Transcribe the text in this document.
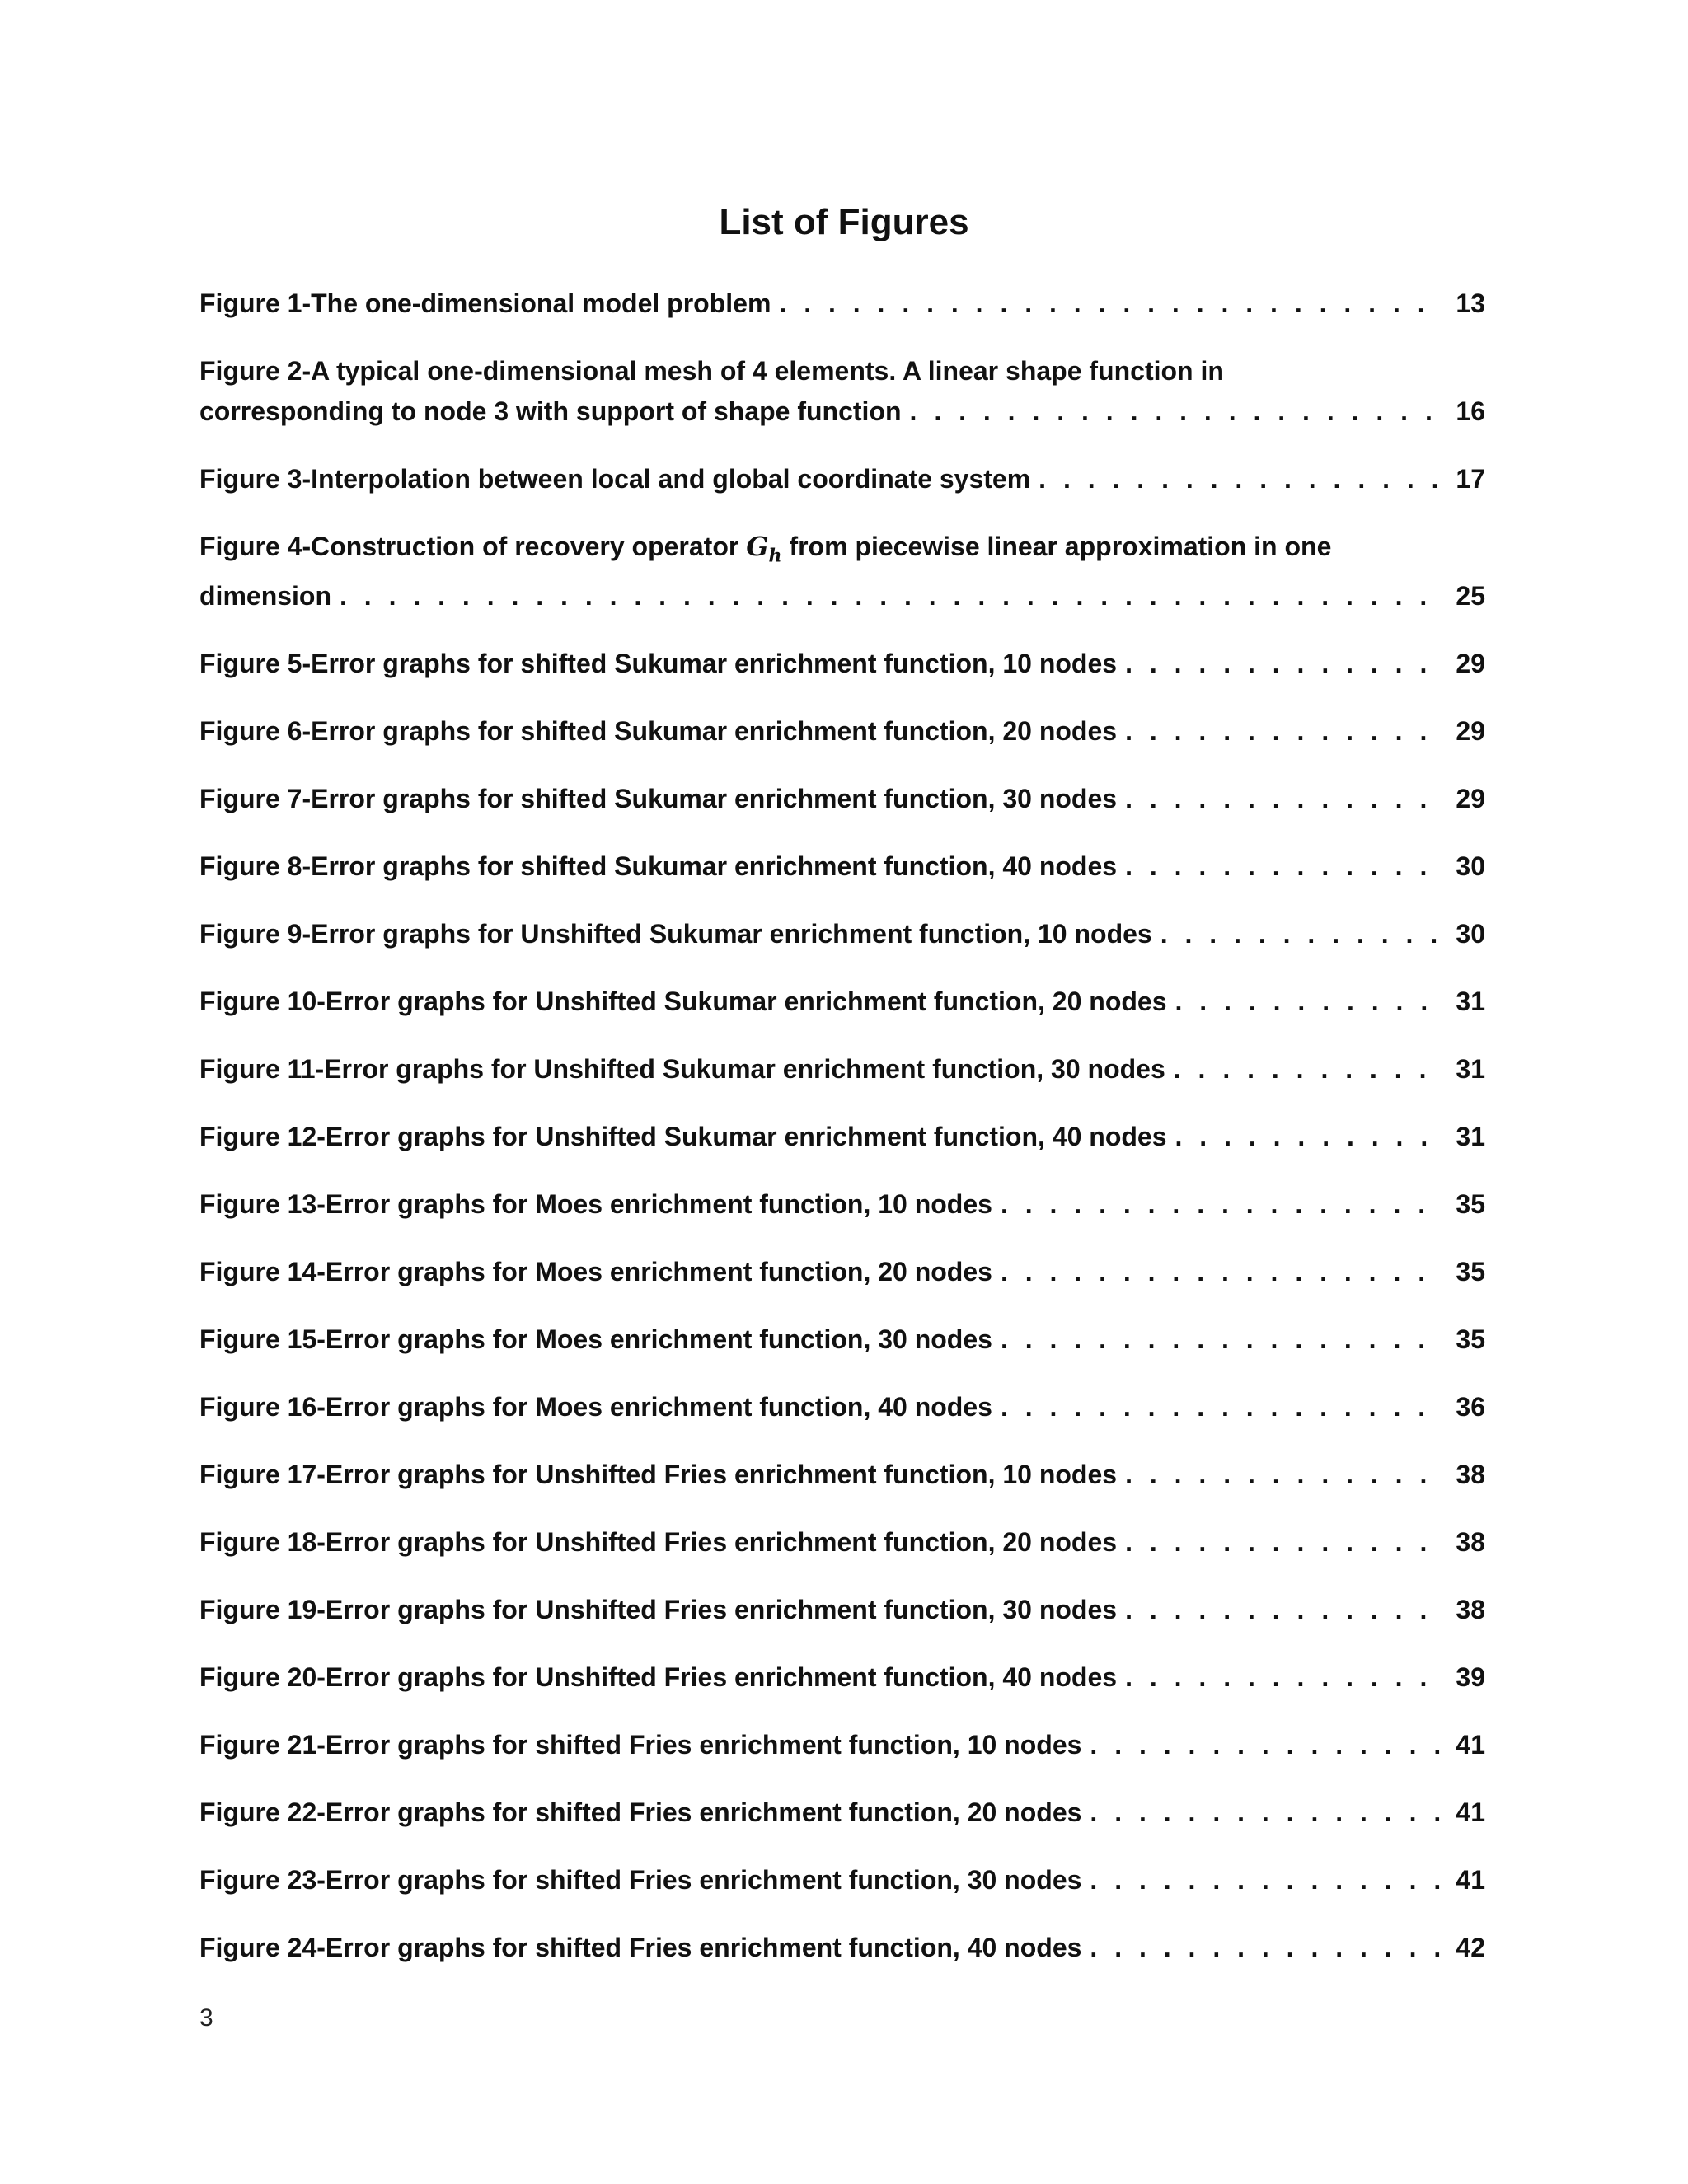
List of Figures
Figure 1-The one-dimensional model problem . . .	13
Figure 2-A typical one-dimensional mesh of 4 elements. A linear shape function in
corresponding to node 3 with support of shape function . . .	16
Figure 3-Interpolation between local and global coordinate system . . .	17
Figure 4-Construction of recovery operator $G_h$ from piecewise linear approximation in one
dimension . . .	25
Figure 5-Error graphs for shifted Sukumar enrichment function, 10 nodes . . .	29
Figure 6-Error graphs for shifted Sukumar enrichment function, 20 nodes . . .	29
Figure 7-Error graphs for shifted Sukumar enrichment function, 30 nodes . . .	29
Figure 8-Error graphs for shifted Sukumar enrichment function, 40 nodes . . .	30
Figure 9-Error graphs for Unshifted Sukumar enrichment function, 10 nodes . . .	30
Figure 10-Error graphs for Unshifted Sukumar enrichment function, 20 nodes . . .	31
Figure 11-Error graphs for Unshifted Sukumar enrichment function, 30 nodes . . .	31
Figure 12-Error graphs for Unshifted Sukumar enrichment function, 40 nodes . . .	31
Figure 13-Error graphs for Moes enrichment function, 10 nodes . . .	35
Figure 14-Error graphs for Moes enrichment function, 20 nodes . . .	35
Figure 15-Error graphs for Moes enrichment function, 30 nodes . . .	35
Figure 16-Error graphs for Moes enrichment function, 40 nodes . . .	36
Figure 17-Error graphs for Unshifted Fries enrichment function, 10 nodes . . .	38
Figure 18-Error graphs for Unshifted Fries enrichment function, 20 nodes . . .	38
Figure 19-Error graphs for Unshifted Fries enrichment function, 30 nodes . . .	38
Figure 20-Error graphs for Unshifted Fries enrichment function, 40 nodes . . .	39
Figure 21-Error graphs for shifted Fries enrichment function, 10 nodes . . .	41
Figure 22-Error graphs for shifted Fries enrichment function, 20 nodes . . .	41
Figure 23-Error graphs for shifted Fries enrichment function, 30 nodes . . .	41
Figure 24-Error graphs for shifted Fries enrichment function, 40 nodes . . .	42
3
